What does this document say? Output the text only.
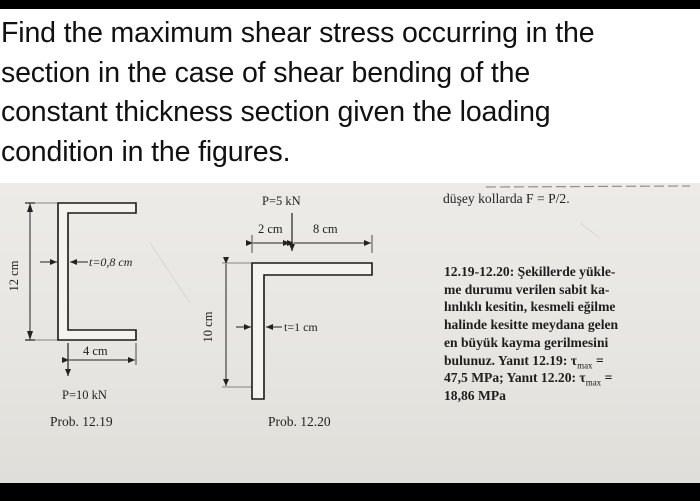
Find the maximum shear stress occurring in the
section in the case of shear bending of the
constant thickness section given the loading
condition in the figures.

12 cm	t=0,8 cm
4 cm
P=10 kN
Prob. 12.19
P=5 kN
2 cm 8 cm
10 cm	t=1 cm
Prob. 12.20
düşey kollarda F = P/2.

12.19-12.20: Şekillerde yükle-
me durumu verilen sabit ka-
lınlıklı kesitin, kesmeli eğilme
halinde kesitte meydana gelen
en büyük kayma gerilmesini
bulunuz. Yanıt 12.19: $\tau_{max}$ =
47,5 MPa; Yanıt 12.20: $\tau_{max}$ =
18,86 MPa
